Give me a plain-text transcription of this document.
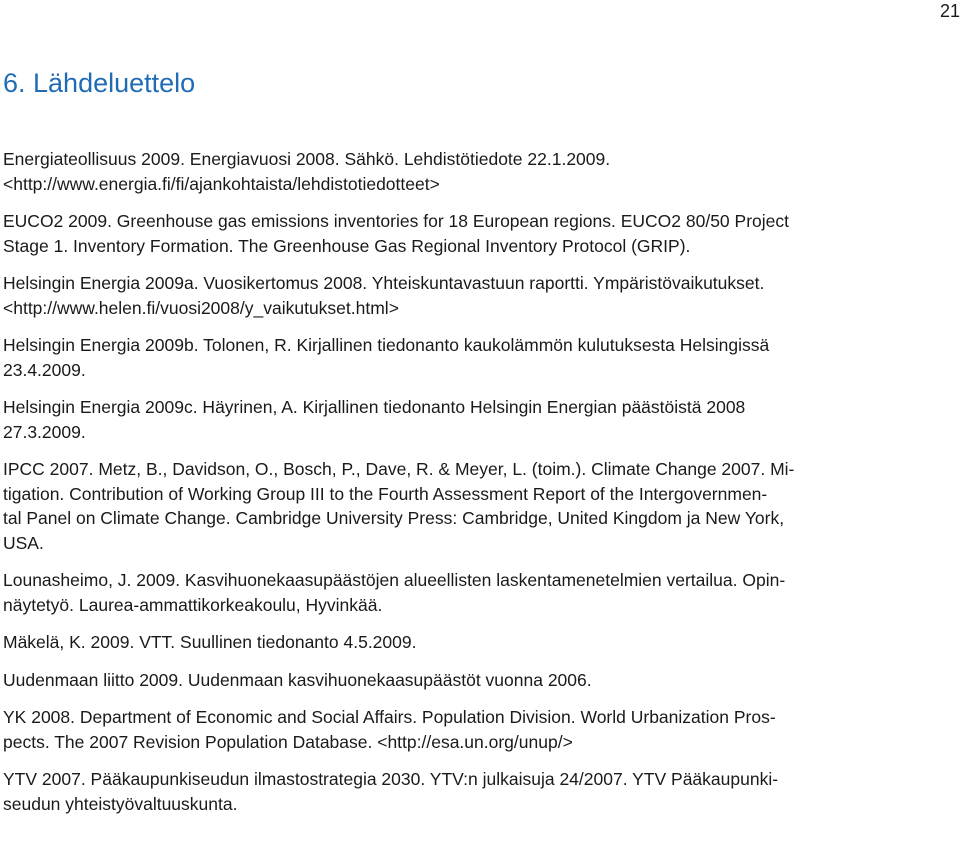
21
6. Lähdeluettelo

Energiateollisuus 2009. Energiavuosi 2008. Sähkö. Lehdistötiedote 22.1.2009.
<http://www.energia.fi/fi/ajankohtaista/lehdistotiedotteet>

EUCO2 2009. Greenhouse gas emissions inventories for 18 European regions. EUCO2 80/50 Project
Stage 1. Inventory Formation. The Greenhouse Gas Regional Inventory Protocol (GRIP).

Helsingin Energia 2009a. Vuosikertomus 2008. Yhteiskuntavastuun raportti. Ympäristövaikutukset.
<http://www.helen.fi/vuosi2008/y_vaikutukset.html>

Helsingin Energia 2009b. Tolonen, R. Kirjallinen tiedonanto kaukolämmön kulutuksesta Helsingissä
23.4.2009.

Helsingin Energia 2009c. Häyrinen, A. Kirjallinen tiedonanto Helsingin Energian päästöistä 2008
27.3.2009.

IPCC 2007. Metz, B., Davidson, O., Bosch, P., Dave, R. & Meyer, L. (toim.). Climate Change 2007. Mi-
tigation. Contribution of Working Group III to the Fourth Assessment Report of the Intergovernmen-
tal Panel on Climate Change. Cambridge University Press: Cambridge, United Kingdom ja New York,
USA.

Lounasheimo, J. 2009. Kasvihuonekaasupäästöjen alueellisten laskentamenetelmien vertailua. Opin-
näytetyö. Laurea-ammattikorkeakoulu, Hyvinkää.

Mäkelä, K. 2009. VTT. Suullinen tiedonanto 4.5.2009.

Uudenmaan liitto 2009. Uudenmaan kasvihuonekaasupäästöt vuonna 2006.

YK 2008. Department of Economic and Social Affairs. Population Division. World Urbanization Pros-
pects. The 2007 Revision Population Database. <http://esa.un.org/unup/>

YTV 2007. Pääkaupunkiseudun ilmastostrategia 2030. YTV:n julkaisuja 24/2007. YTV Pääkaupunki-
seudun yhteistyövaltuuskunta.
